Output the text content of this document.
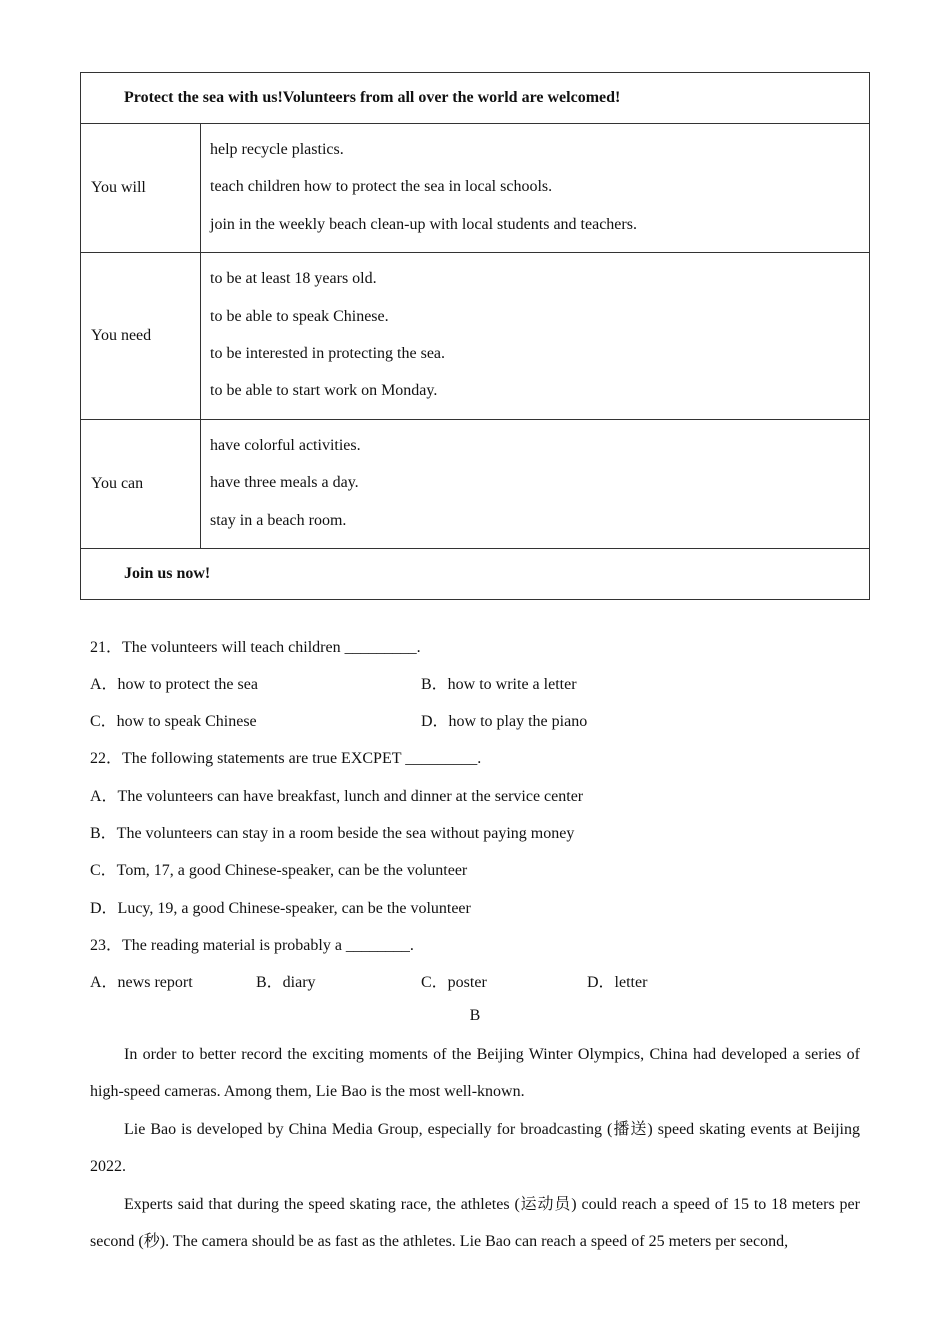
Protect the sea with us!Volunteers from all over the world are welcomed!	
You will	help recycle plastics.
teach children how to protect the sea in local schools.
join in the weekly beach clean-up with local students and teachers.

You need	to be at least 18 years old.
to be able to speak Chinese.
to be interested in protecting the sea.
to be able to start work on Monday.

You can	have colorful activities.
have three meals a day.
stay in a beach room.

Join us now!	
21．The volunteers will teach children _________.
A．how to protect the sea	B．how to write a letter
C．how to speak Chinese	D．how to play the piano
22．The following statements are true EXCPET _________.
A．The volunteers can have breakfast, lunch and dinner at the service center
B．The volunteers can stay in a room beside the sea without paying money
C．Tom, 17, a good Chinese-speaker, can be the volunteer
D．Lucy, 19, a good Chinese-speaker, can be the volunteer
23．The reading material is probably a ________.
A．news report	B．diary	C．poster	D．letter
B
In order to better record the exciting moments of the Beijing Winter Olympics, China had developed a series of high-speed cameras. Among them, Lie Bao is the most well-known.
Lie Bao is developed by China Media Group, especially for broadcasting (播送) speed skating events at Beijing 2022.
Experts said that during the speed skating race, the athletes (运动员) could reach a speed of 15 to 18 meters per second (秒). The camera should be as fast as the athletes. Lie Bao can reach a speed of 25 meters per second,
